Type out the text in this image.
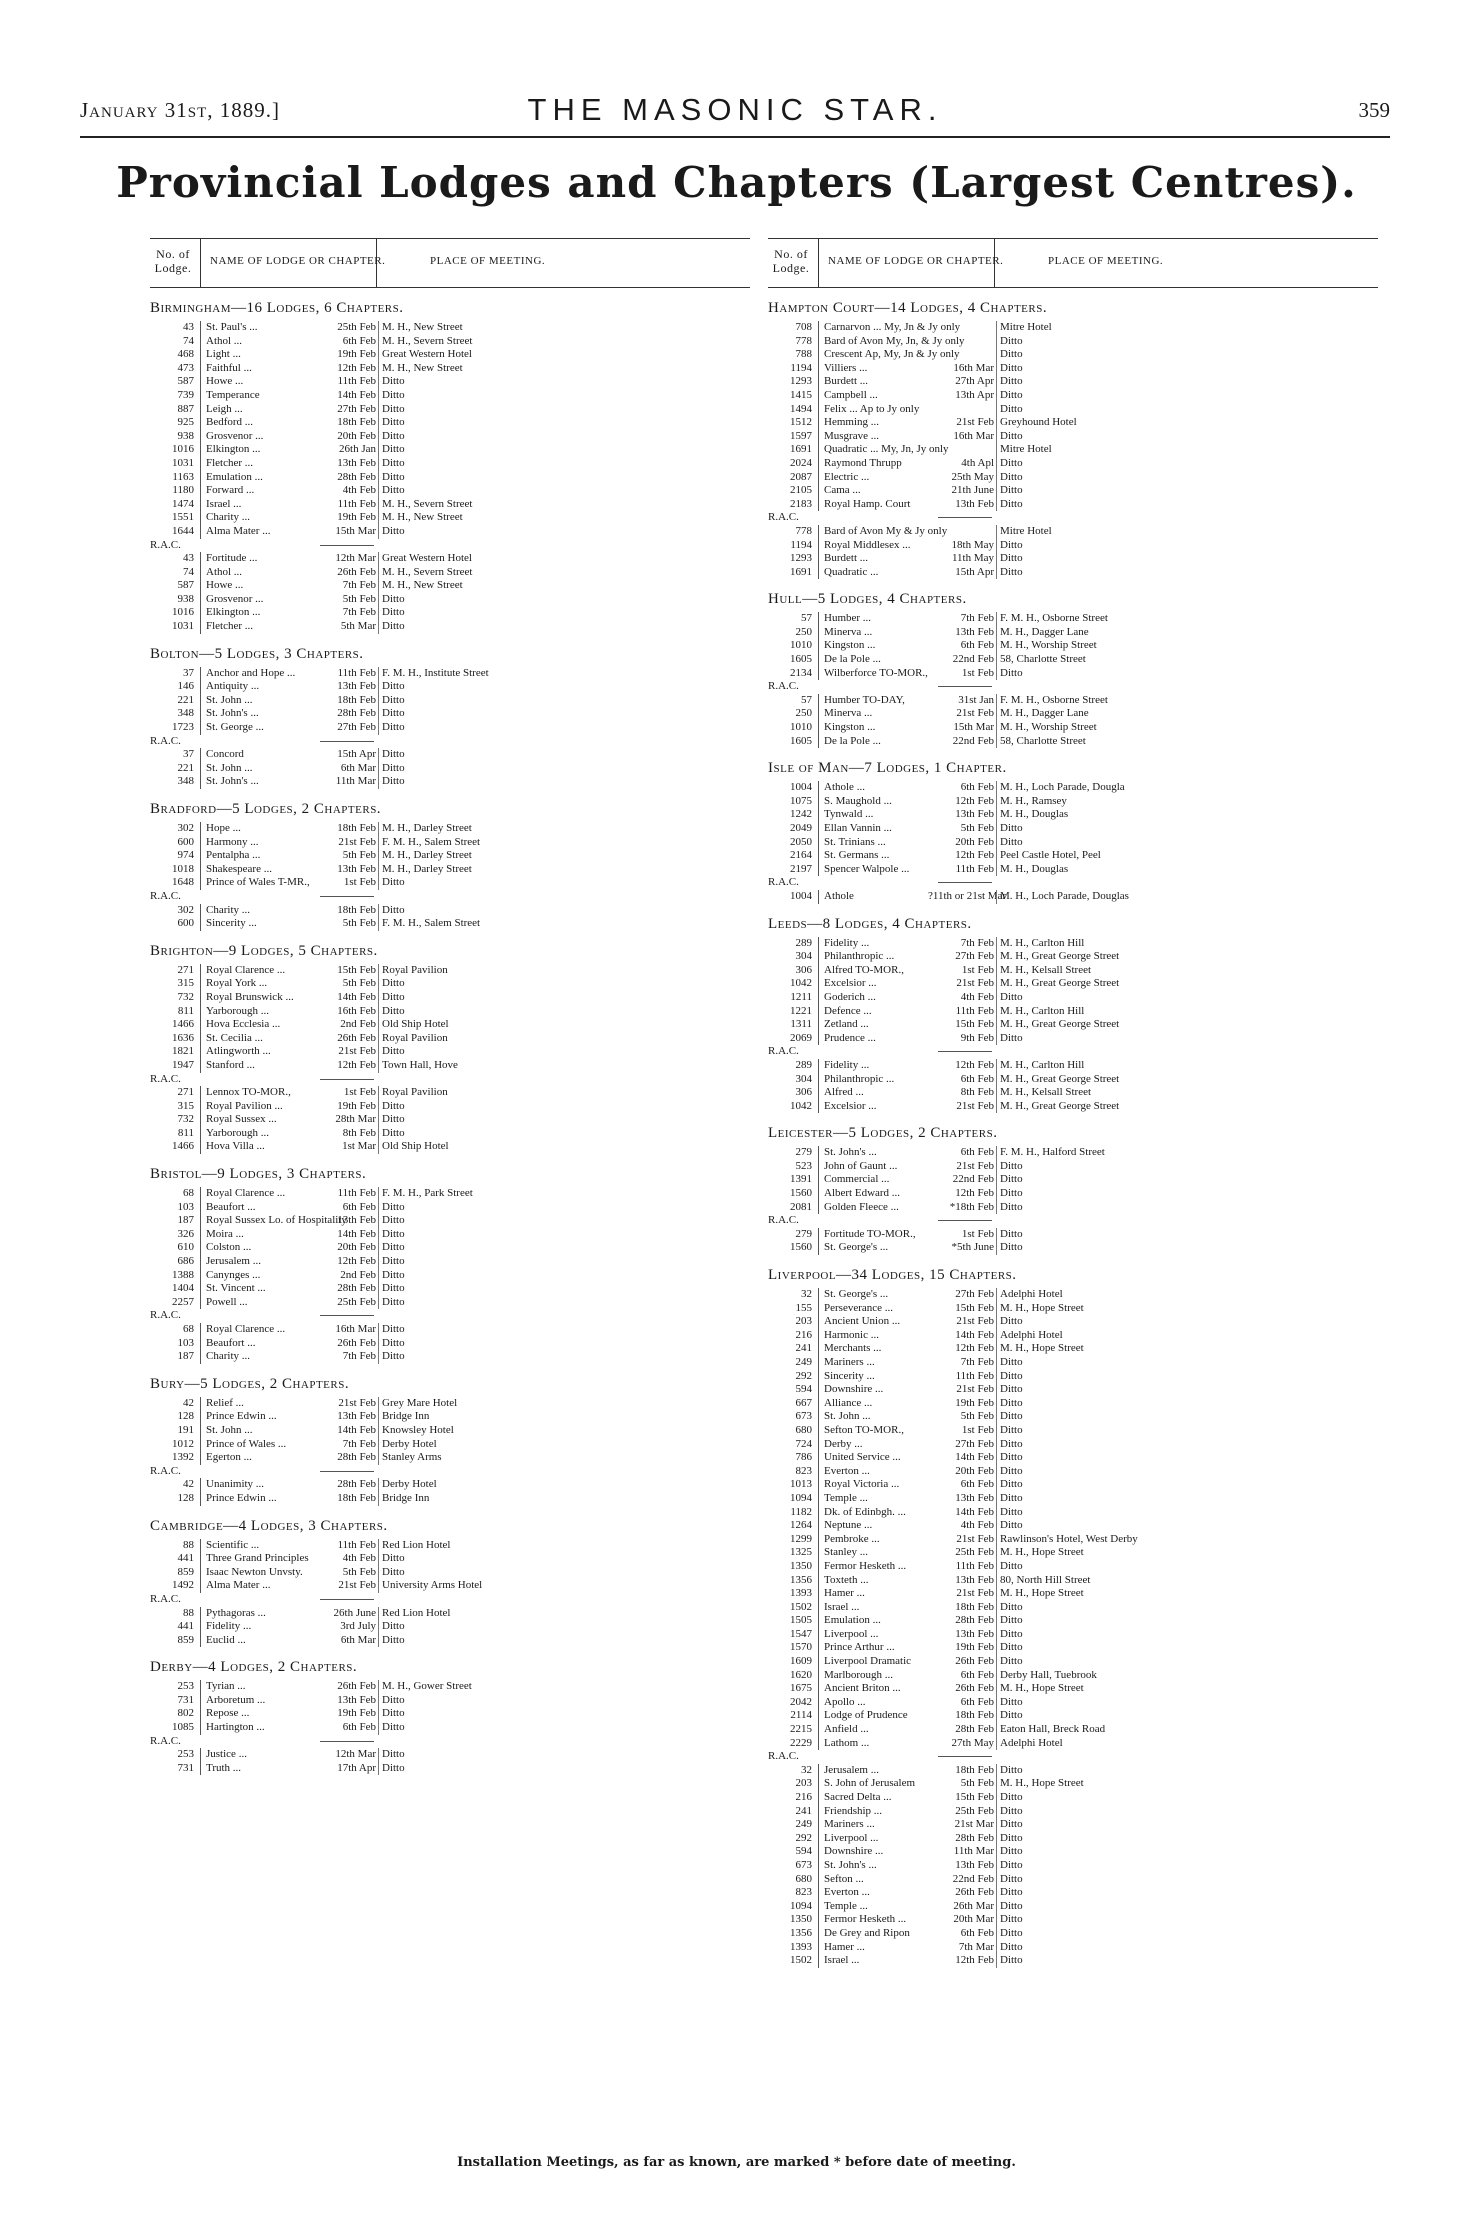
January 31st, 1889.]	THE MASONIC STAR.	359
Provincial Lodges and Chapters (Largest Centres).
No. of Lodge.	NAME OF LODGE OR CHAPTER.	PLACE OF MEETING.
Birmingham—16 Lodges, 6 Chapters.
43 St. Paul's ...	25th Feb M. H., New Street
74 Athol ...	6th Feb M. H., Severn Street
468 Light ...	19th Feb Great Western Hotel
473 Faithful ...	12th Feb M. H., New Street
587 Howe ...	11th Feb Ditto
739 Temperance	14th Feb Ditto
887 Leigh ...	27th Feb Ditto
925 Bedford ...	18th Feb Ditto
938 Grosvenor ...	20th Feb Ditto
1016 Elkington ...	26th Jan Ditto
1031 Fletcher ...	13th Feb Ditto
1163 Emulation ...	28th Feb Ditto
1180 Forward ...	4th Feb Ditto
1474 Israel ...	11th Feb M. H., Severn Street
1551 Charity ...	19th Feb M. H., New Street
1644 Alma Mater ...	15th Mar Ditto
R.A.C.
43 Fortitude ...	12th Mar Great Western Hotel
74 Athol ...	26th Feb M. H., Severn Street
587 Howe ...	7th Feb M. H., New Street
938 Grosvenor ...	5th Feb Ditto
1016 Elkington ...	7th Feb Ditto
1031 Fletcher ...	5th Mar Ditto
Bolton—5 Lodges, 3 Chapters.
37 Anchor and Hope ...	11th Feb F. M. H., Institute Street
146 Antiquity ...	13th Feb Ditto
221 St. John ...	18th Feb Ditto
348 St. John's ...	28th Feb Ditto
1723 St. George ...	27th Feb Ditto
R.A.C.
37 Concord	15th Apr Ditto
221 St. John ...	6th Mar Ditto
348 St. John's ...	11th Mar Ditto
Bradford—5 Lodges, 2 Chapters.
302 Hope ...	18th Feb M. H., Darley Street
600 Harmony ...	21st Feb F. M. H., Salem Street
974 Pentalpha ...	5th Feb M. H., Darley Street
1018 Shakespeare ...	13th Feb M. H., Darley Street
1648 Prince of Wales T-MR.,	1st Feb Ditto
R.A.C.
302 Charity ...	18th Feb Ditto
600 Sincerity ...	5th Feb F. M. H., Salem Street
Brighton—9 Lodges, 5 Chapters.
271 Royal Clarence ...	15th Feb Royal Pavilion
315 Royal York ...	5th Feb Ditto
732 Royal Brunswick ...	14th Feb Ditto
811 Yarborough ...	16th Feb Ditto
1466 Hova Ecclesia ...	2nd Feb Old Ship Hotel
1636 St. Cecilia ...	26th Feb Royal Pavilion
1821 Atlingworth ...	21st Feb Ditto
1947 Stanford ...	12th Feb Town Hall, Hove
R.A.C.
271 Lennox TO-MOR.,	1st Feb Royal Pavilion
315 Royal Pavilion ...	19th Feb Ditto
732 Royal Sussex ...	28th Mar Ditto
811 Yarborough ...	8th Feb Ditto
1466 Hova Villa ...	1st Mar Old Ship Hotel
Bristol—9 Lodges, 3 Chapters.
68 Royal Clarence ...	11th Feb F. M. H., Park Street
103 Beaufort ...	6th Feb Ditto
187 Royal Sussex Lo. of Hospitality
13th Feb Ditto
326 Moira ...	14th Feb Ditto
610 Colston ...	20th Feb Ditto
686 Jerusalem ...	12th Feb Ditto
1388 Canynges ...	2nd Feb Ditto
1404 St. Vincent ...	28th Feb Ditto
2257 Powell ...	25th Feb Ditto
R.A.C.
68 Royal Clarence ...	16th Mar Ditto
103 Beaufort ...	26th Feb Ditto
187 Charity ...	7th Feb Ditto
Bury—5 Lodges, 2 Chapters.
42 Relief ...	21st Feb Grey Mare Hotel
128 Prince Edwin ...	13th Feb Bridge Inn
191 St. John ...	14th Feb Knowsley Hotel
1012 Prince of Wales ...	7th Feb Derby Hotel
1392 Egerton ...	28th Feb Stanley Arms
R.A.C.
42 Unanimity ...	28th Feb Derby Hotel
128 Prince Edwin ...	18th Feb Bridge Inn
Cambridge—4 Lodges, 3 Chapters.
88 Scientific ...	11th Feb Red Lion Hotel
441 Three Grand Principles	4th Feb Ditto
859 Isaac Newton Unvsty.	5th Feb Ditto
1492 Alma Mater ...	21st Feb University Arms Hotel
R.A.C.
88 Pythagoras ...	26th June Red Lion Hotel
441 Fidelity ...	3rd July Ditto
859 Euclid ...	6th Mar Ditto
Derby—4 Lodges, 2 Chapters.
253 Tyrian ...	26th Feb M. H., Gower Street
731 Arboretum ...	13th Feb Ditto
802 Repose ...	19th Feb Ditto
1085 Hartington ...	6th Feb Ditto
R.A.C.
253 Justice ...	12th Mar Ditto
731 Truth ...	17th Apr Ditto
No. of Lodge.	NAME OF LODGE OR CHAPTER.	PLACE OF MEETING.
Hampton Court—14 Lodges, 4 Chapters.
708 Carnarvon ... My, Jn & Jy only	Mitre Hotel
778 Bard of Avon My, Jn, & Jy only	Ditto
788 Crescent Ap, My, Jn & Jy only	Ditto
1194 Villiers ...	16th Mar Ditto
1293 Burdett ...	27th Apr Ditto
1415 Campbell ...	13th Apr Ditto
1494 Felix ... Ap to Jy only	Ditto
1512 Hemming ...	21st Feb Greyhound Hotel
1597 Musgrave ...	16th Mar Ditto
1691 Quadratic ... My, Jn, Jy only	Mitre Hotel
2024 Raymond Thrupp	4th Apl Ditto
2087 Electric ...	25th May Ditto
2105 Cama ...	21th June Ditto
2183 Royal Hamp. Court	13th Feb Ditto
R.A.C.
778 Bard of Avon My & Jy only	Mitre Hotel
1194 Royal Middlesex ...	18th May Ditto
1293 Burdett ...	11th May Ditto
1691 Quadratic ...	15th Apr Ditto
Hull—5 Lodges, 4 Chapters.
57 Humber ...	7th Feb F. M. H., Osborne Street
250 Minerva ...	13th Feb M. H., Dagger Lane
1010 Kingston ...	6th Feb M. H., Worship Street
1605 De la Pole ...	22nd Feb 58, Charlotte Street
2134 Wilberforce TO-MOR.,	1st Feb Ditto
R.A.C.
57 Humber TO-DAY,	31st Jan F. M. H., Osborne Street
250 Minerva ...	21st Feb M. H., Dagger Lane
1010 Kingston ...	15th Mar M. H., Worship Street
1605 De la Pole ...	22nd Feb 58, Charlotte Street
Isle of Man—7 Lodges, 1 Chapter.
1004 Athole ...	6th Feb M. H., Loch Parade, Dougla
1075 S. Maughold ...	12th Feb M. H., Ramsey
1242 Tynwald ...	13th Feb M. H., Douglas
2049 Ellan Vannin ...	5th Feb Ditto
2050 St. Trinians ...	20th Feb Ditto
2164 St. Germans ...	12th Feb Peel Castle Hotel, Peel
2197 Spencer Walpole ...	11th Feb M. H., Douglas
R.A.C.
1004 Athole	?11th or 21st Mar
M. H., Loch Parade, Douglas
Leeds—8 Lodges, 4 Chapters.
289 Fidelity ...	7th Feb M. H., Carlton Hill
304 Philanthropic ...	27th Feb M. H., Great George Street
306 Alfred TO-MOR.,	1st Feb M. H., Kelsall Street
1042 Excelsior ...	21st Feb M. H., Great George Street
1211 Goderich ...	4th Feb Ditto
1221 Defence ...	11th Feb M. H., Carlton Hill
1311 Zetland ...	15th Feb M. H., Great George Street
2069 Prudence ...	9th Feb Ditto
R.A.C.
289 Fidelity ...	12th Feb M. H., Carlton Hill
304 Philanthropic ...	6th Feb M. H., Great George Street
306 Alfred ...	8th Feb M. H., Kelsall Street
1042 Excelsior ...	21st Feb M. H., Great George Street
Leicester—5 Lodges, 2 Chapters.
279 St. John's ...	6th Feb F. M. H., Halford Street
523 John of Gaunt ...	21st Feb Ditto
1391 Commercial ...	22nd Feb Ditto
1560 Albert Edward ...	12th Feb Ditto
2081 Golden Fleece ...	*18th Feb Ditto
R.A.C.
279 Fortitude TO-MOR.,	1st Feb Ditto
1560 St. George's ...	*5th June Ditto
Liverpool—34 Lodges, 15 Chapters.
32 St. George's ...	27th Feb Adelphi Hotel
155 Perseverance ...	15th Feb M. H., Hope Street
203 Ancient Union ...	21st Feb Ditto
216 Harmonic ...	14th Feb Adelphi Hotel
241 Merchants ...	12th Feb M. H., Hope Street
249 Mariners ...	7th Feb Ditto
292 Sincerity ...	11th Feb Ditto
594 Downshire ...	21st Feb Ditto
667 Alliance ...	19th Feb Ditto
673 St. John ...	5th Feb Ditto
680 Sefton TO-MOR.,	1st Feb Ditto
724 Derby ...	27th Feb Ditto
786 United Service ...	14th Feb Ditto
823 Everton ...	20th Feb Ditto
1013 Royal Victoria ...	6th Feb Ditto
1094 Temple ...	13th Feb Ditto
1182 Dk. of Edinbgh. ...	14th Feb Ditto
1264 Neptune ...	4th Feb Ditto
1299 Pembroke ...	21st Feb Rawlinson's Hotel, West Derby
1325 Stanley ...	25th Feb M. H., Hope Street
1350 Fermor Hesketh ...	11th Feb Ditto
1356 Toxteth ...	13th Feb 80, North Hill Street
1393 Hamer ...	21st Feb M. H., Hope Street
1502 Israel ...	18th Feb Ditto
1505 Emulation ...	28th Feb Ditto
1547 Liverpool ...	13th Feb Ditto
1570 Prince Arthur ...	19th Feb Ditto
1609 Liverpool Dramatic	26th Feb Ditto
1620 Marlborough ...	6th Feb Derby Hall, Tuebrook
1675 Ancient Briton ...	26th Feb M. H., Hope Street
2042 Apollo ...	6th Feb Ditto
2114 Lodge of Prudence	18th Feb Ditto
2215 Anfield ...	28th Feb Eaton Hall, Breck Road
2229 Lathom ...	27th May Adelphi Hotel
R.A.C.
32 Jerusalem ...	18th Feb Ditto
203 S. John of Jerusalem	5th Feb M. H., Hope Street
216 Sacred Delta ...	15th Feb Ditto
241 Friendship ...	25th Feb Ditto
249 Mariners ...	21st Mar Ditto
292 Liverpool ...	28th Feb Ditto
594 Downshire ...	11th Mar Ditto
673 St. John's ...	13th Feb Ditto
680 Sefton ...	22nd Feb Ditto
823 Everton ...	26th Feb Ditto
1094 Temple ...	26th Mar Ditto
1350 Fermor Hesketh ...	20th Mar Ditto
1356 De Grey and Ripon	6th Feb Ditto
1393 Hamer ...	7th Mar Ditto
1502 Israel ...	12th Feb Ditto
Installation Meetings, as far as known, are marked * before date of meeting.
